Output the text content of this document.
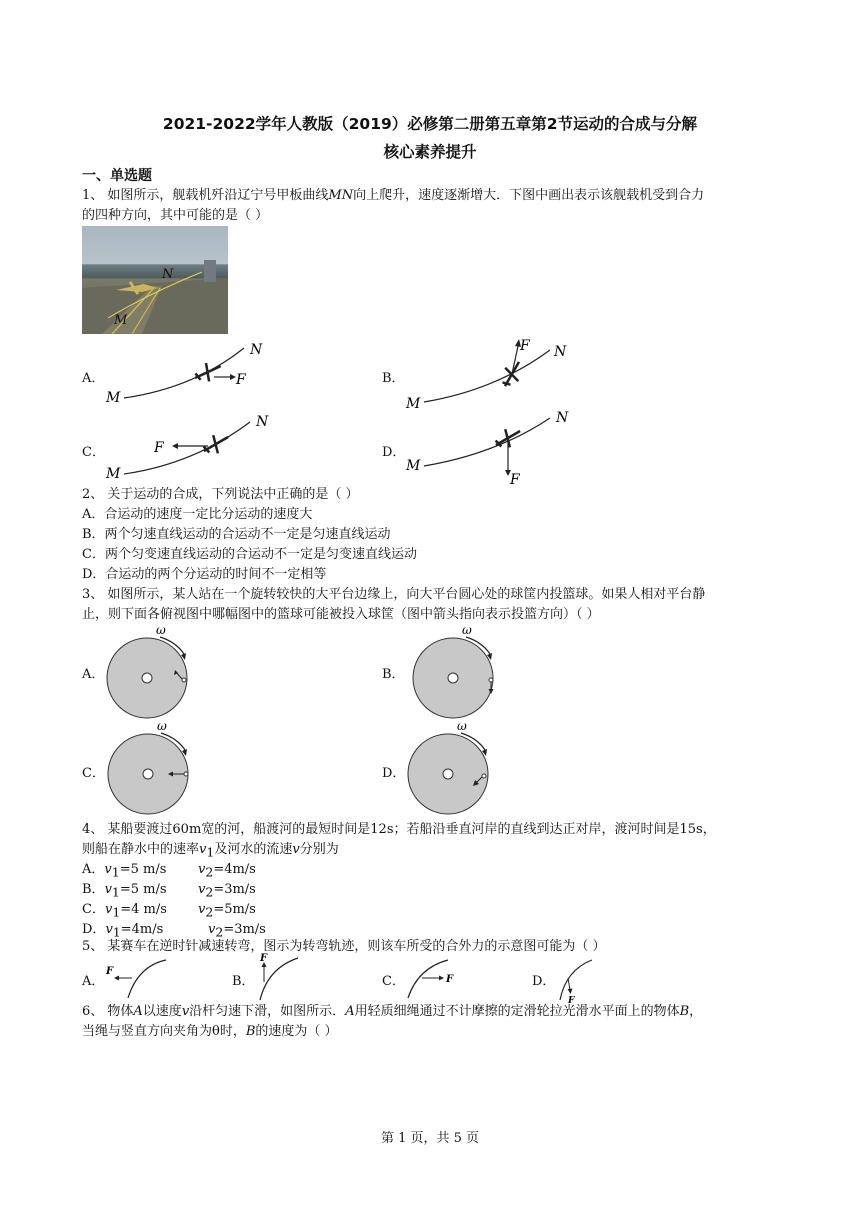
2021-2022学年人教版（2019）必修第二册第五章第2节运动的合成与分解
核心素养提升
一、单选题
1、 如图所示，舰载机歼沿辽宁号甲板曲线MN向上爬升，速度逐渐增大．下图中画出表示该舰载机受到合力
的四种方向，其中可能的是（ ）
N
M
A．	F
M
N
B．
F
M
N
C．	F
M
N
D．
F
M
N
2、 关于运动的合成，下列说法中正确的是（ ）
A．合运动的速度一定比分运动的速度大
B．两个匀速直线运动的合运动不一定是匀速直线运动
C．两个匀变速直线运动的合运动不一定是匀变速直线运动
D．合运动的两个分运动的时间不一定相等
3、 如图所示，某人站在一个旋转较快的大平台边缘上，向大平台圆心处的球筐内投篮球。如果人相对平台静
止，则下面各俯视图中哪幅图中的篮球可能被投入球筐（图中箭头指向表示投篮方向）（ ）
A．
ω
B．
ω
C．
ω
D．
ω
4、 某船要渡过60m宽的河，船渡河的最短时间是12s；若船沿垂直河岸的直线到达正对岸，渡河时间是15s，
则船在静水中的速率$v_1$及河水的流速v分别为
A．$v_1=5$ m/s $v_2=4m/s$
B．$v_1=5$ m/s $v_2=3m/s$
C．$v_1=4$ m/s $v_2=5m/s$
D．$v_1=4m/s$	$v_2=3m/s$
5、 某赛车在逆时针减速转弯，图示为转弯轨迹，则该车所受的合外力的示意图可能为（ ）
A．
F
B．
F
C．	F	D．
F
6、 物体A以速度v沿杆匀速下滑，如图所示．A用轻质细绳通过不计摩擦的定滑轮拉光滑水平面上的物体B，
当绳与竖直方向夹角为θ时，B的速度为（ ）
第 1 页，共 5 页
